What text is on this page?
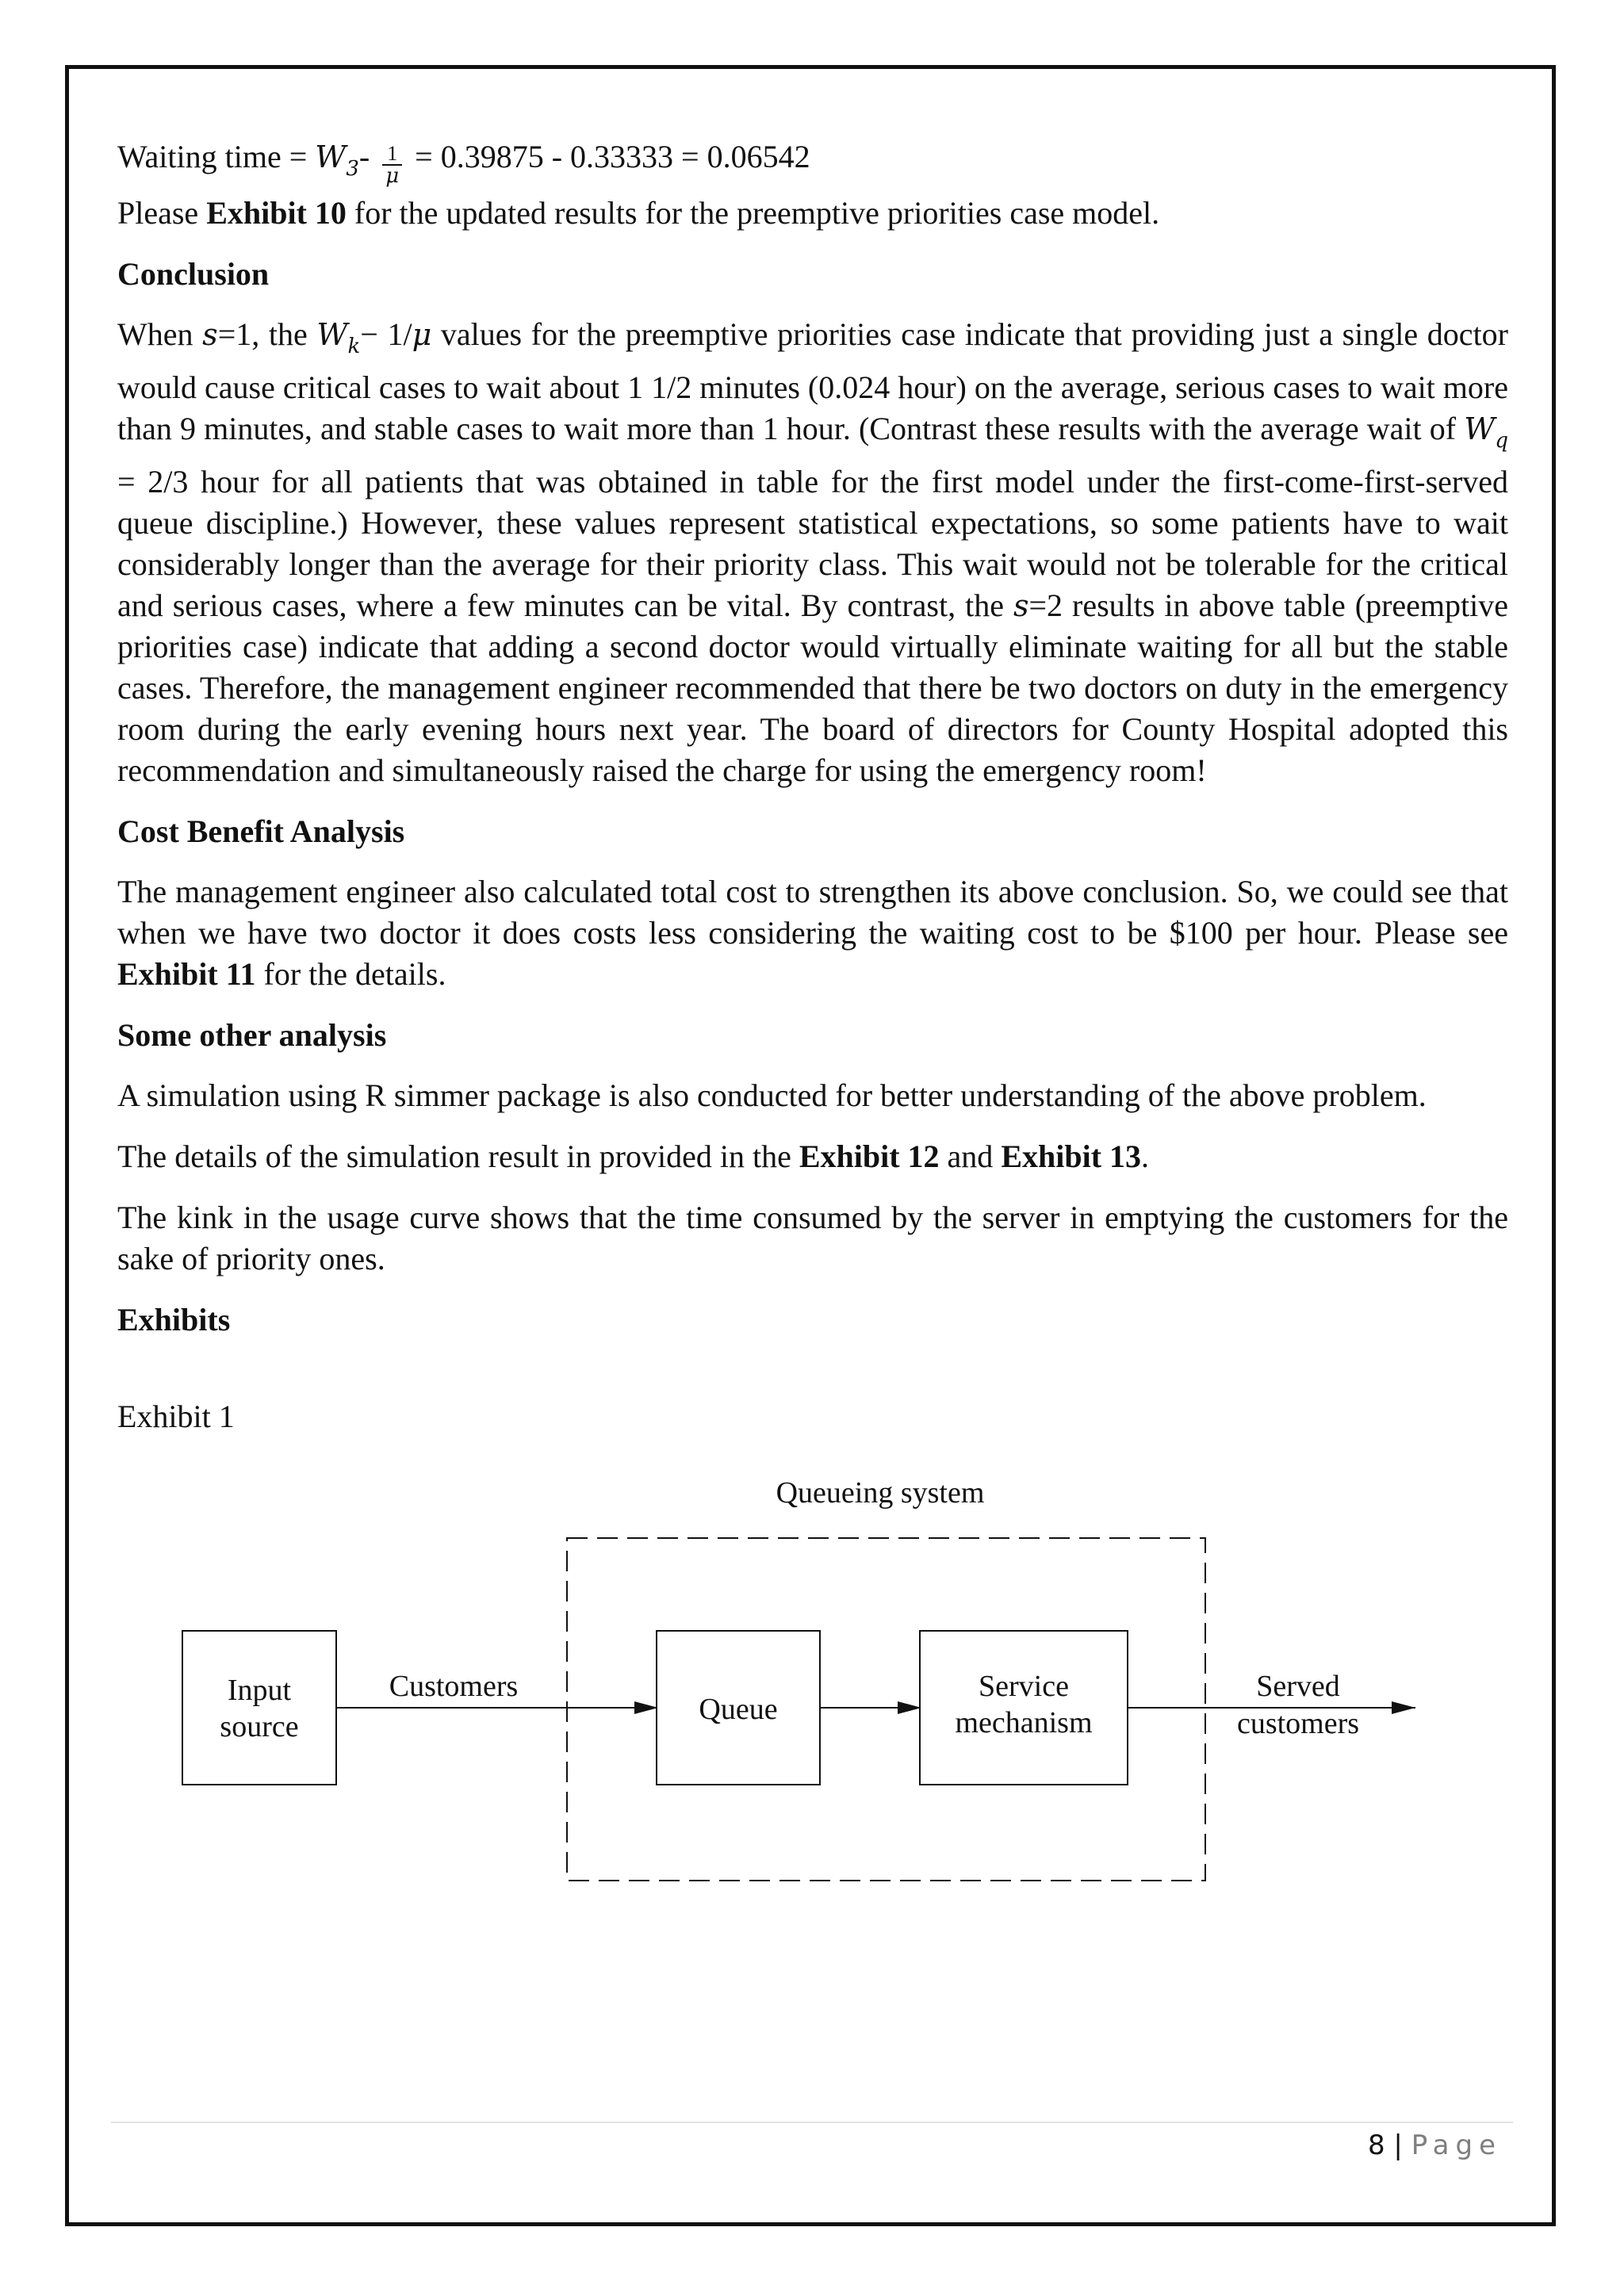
Waiting time = $W_3- \frac{1}{\mu} = 0.39875 - 0.33333 = 0.06542$

Please Exhibit 10 for the updated results for the preemptive priorities case model.

Conclusion

When s=1, the $W_k- 1/\mu$ values for the preemptive priorities case indicate that providing just a single doctor would cause critical cases to wait about 1 1/2 minutes (0.024 hour) on the average, serious cases to wait more than 9 minutes, and stable cases to wait more than 1 hour. (Contrast these results with the average wait of $W_q = 2/3$ hour for all patients that was obtained in table for the first model under the first-come-first-served queue discipline.) However, these values represent statistical expectations, so some patients have to wait considerably longer than the average for their priority class. This wait would not be tolerable for the critical and serious cases, where a few minutes can be vital. By contrast, the s=2 results in above table (preemptive priorities case) indicate that adding a second doctor would virtually eliminate waiting for all but the stable cases. Therefore, the management engineer recommended that there be two doctors on duty in the emergency room during the early evening hours next year. The board of directors for County Hospital adopted this recommendation and simultaneously raised the charge for using the emergency room!

Cost Benefit Analysis

The management engineer also calculated total cost to strengthen its above conclusion. So, we could see that when we have two doctor it does costs less considering the waiting cost to be $100 per hour. Please see Exhibit 11 for the details.

Some other analysis

A simulation using R simmer package is also conducted for better understanding of the above problem.

The details of the simulation result in provided in the Exhibit 12 and Exhibit 13.

The kink in the usage curve shows that the time consumed by the server in emptying the customers for the sake of priority ones.

Exhibits

Exhibit 1

Queueing system
Input
source
Customers
Queue
Service
mechanism
Served
customers
8 | Page
